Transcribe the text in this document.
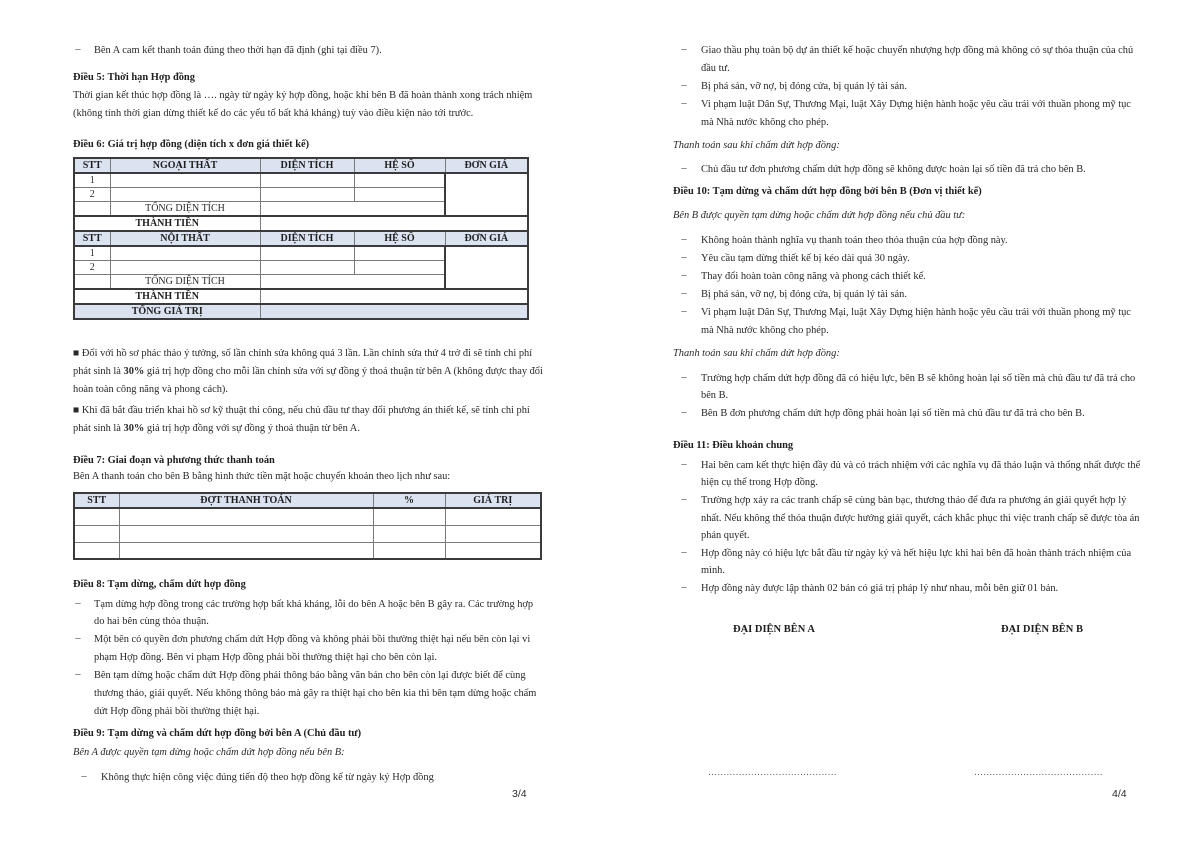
– Bên A cam kết thanh toán đúng theo thời hạn đã định (ghi tại điều 7).
Điều 5: Thời hạn Hợp đồng
Thời gian kết thúc hợp đồng là …. ngày từ ngày ký hợp đồng, hoặc khi bên B đã hoàn thành xong trách nhiệm
(không tính thời gian dừng thiết kế do các yếu tố bất khả kháng) tuỳ vào điều kiện nào tới trước.
Điều 6: Giá trị hợp đồng (diện tích x đơn giá thiết kế)
STT	NGOẠI THẤT	DIỆN TÍCH	HỆ SỐ	ĐƠN GIÁ
1				
2				
	TỔNG DIỆN TÍCH			
THÀNH TIỀN				
STT	NỘI THẤT	DIỆN TÍCH	HỆ SỐ	ĐƠN GIÁ
1				
2				
	TỔNG DIỆN TÍCH			
THÀNH TIỀN				
TỔNG GIÁ TRỊ				
■ Đối với hồ sơ phác thảo ý tưởng, số lần chỉnh sửa không quá 3 lần. Lần chỉnh sửa thứ 4 trở đi sẽ tính chi phí
phát sinh là 30% giá trị hợp đồng cho mỗi lần chỉnh sửa với sự đồng ý thoả thuận từ bên A (không được thay đổi
hoàn toàn công năng và phong cách).
■ Khi đã bắt đầu triển khai hồ sơ kỹ thuật thi công, nếu chủ đầu tư thay đổi phương án thiết kế, sẽ tính chi phí
phát sinh là 30% giá trị hợp đồng với sự đồng ý thoả thuận từ bên A.
Điều 7: Giai đoạn và phương thức thanh toán
Bên A thanh toán cho bên B bằng hình thức tiền mặt hoặc chuyển khoản theo lịch như sau:
STT	ĐỢT THANH TOÁN	%	GIÁ TRỊ

Điều 8: Tạm dừng, chấm dứt hợp đồng
– Tạm dừng hợp đồng trong các trường hợp bất khả kháng, lỗi do bên A hoặc bên B gây ra. Các trường hợp
do hai bên cùng thỏa thuận.
– Một bên có quyền đơn phương chấm dứt Hợp đồng và không phải bồi thường thiệt hại nếu bên còn lại vi
phạm Hợp đồng. Bên vi phạm Hợp đồng phải bồi thường thiệt hại cho bên còn lại.
– Bên tạm dừng hoặc chấm dứt Hợp đồng phải thông báo bằng văn bản cho bên còn lại được biết để cùng
thương thảo, giải quyết. Nếu không thông báo mà gây ra thiệt hại cho bên kia thì bên tạm dừng hoặc chấm
dứt Hợp đồng phải bồi thường thiệt hại.
Điều 9: Tạm dừng và chấm dứt hợp đồng bởi bên A (Chủ đầu tư)
Bên A được quyền tạm dừng hoặc chấm dứt hợp đồng nếu bên B:
– Không thực hiện công việc đúng tiến độ theo hợp đồng kể từ ngày ký Hợp đồng
3/4
– Giao thầu phụ toàn bộ dự án thiết kế hoặc chuyển nhượng hợp đồng mà không có sự thỏa thuận của chủ
đầu tư.
– Bị phá sản, vỡ nợ, bị đóng cửa, bị quản lý tài sản.
– Vi phạm luật Dân Sự, Thương Mại, luật Xây Dựng hiện hành hoặc yêu cầu trái với thuần phong mỹ tục
mà Nhà nước không cho phép.
Thanh toán sau khi chấm dứt hợp đồng:
– Chủ đầu tư đơn phương chấm dứt hợp đồng sẽ không được hoàn lại số tiền đã trả cho bên B.
Điều 10: Tạm dừng và chấm dứt hợp đồng bởi bên B (Đơn vị thiết kế)
Bên B được quyền tạm dừng hoặc chấm dứt hợp đồng nếu chủ đầu tư:
– Không hoàn thành nghĩa vụ thanh toán theo thỏa thuận của hợp đồng này.
– Yêu cầu tạm dừng thiết kế bị kéo dài quá 30 ngày.
– Thay đổi hoàn toàn công năng và phong cách thiết kế.
– Bị phá sản, vỡ nợ, bị đóng cửa, bị quản lý tài sản.
– Vi phạm luật Dân Sự, Thương Mại, luật Xây Dựng hiện hành hoặc yêu cầu trái với thuần phong mỹ tục
mà Nhà nước không cho phép.
Thanh toán sau khi chấm dứt hợp đồng:
– Trường hợp chấm dứt hợp đồng đã có hiệu lực, bên B sẽ không hoàn lại số tiền mà chủ đầu tư đã trả cho
bên B.
– Bên B đơn phương chấm dứt hợp đồng phải hoàn lại số tiền mà chủ đầu tư đã trả cho bên B.
Điều 11: Điều khoản chung
– Hai bên cam kết thực hiện đầy đủ và có trách nhiệm với các nghĩa vụ đã thảo luận và thống nhất được thể
hiện cụ thể trong Hợp đồng.
– Trường hợp xảy ra các tranh chấp sẽ cùng bàn bạc, thương thảo để đưa ra phương án giải quyết hợp lý
nhất. Nếu không thể thỏa thuận được hướng giải quyết, cách khắc phục thì việc tranh chấp sẽ được tòa án
phán quyết.
– Hợp đồng này có hiệu lực bắt đầu từ ngày ký và hết hiệu lực khi hai bên đã hoàn thành trách nhiệm của
mình.
– Hợp đồng này được lập thành 02 bản có giá trị pháp lý như nhau, mỗi bên giữ 01 bản.
ĐẠI DIỆN BÊN A	ĐẠI DIỆN BÊN B
……………………………………	……………………………………
4/4
